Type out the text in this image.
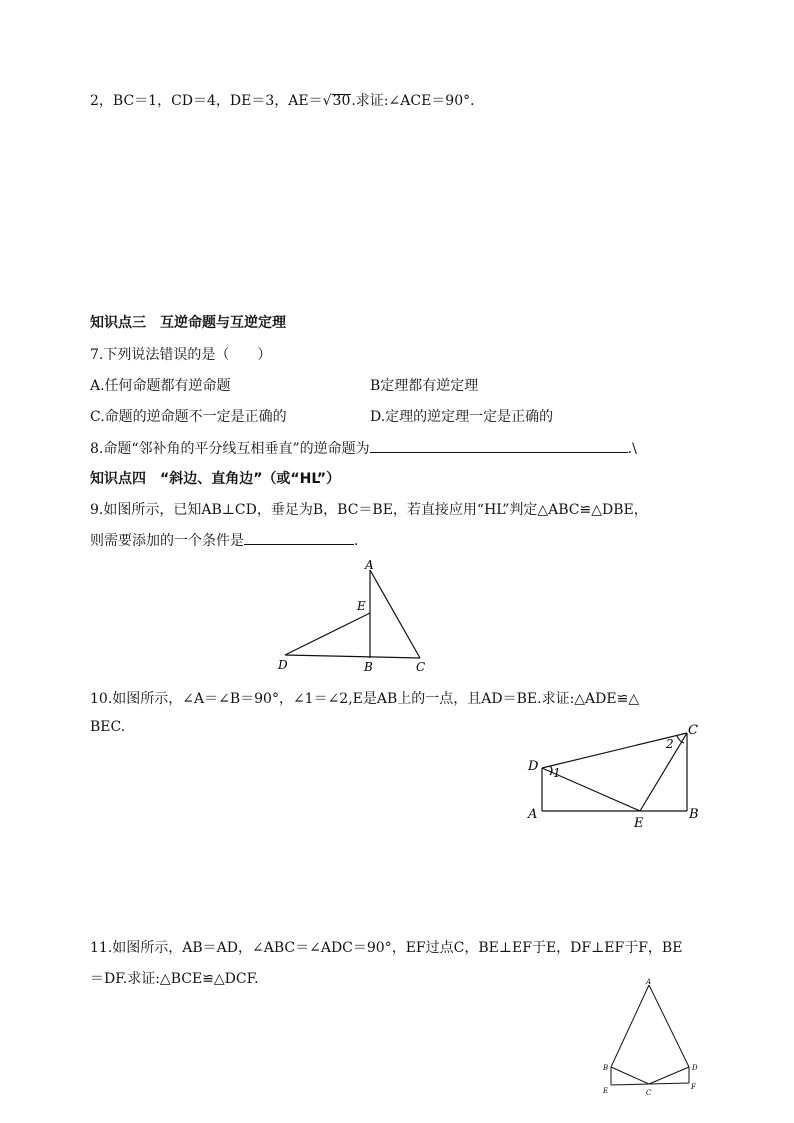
2，BC＝1，CD＝4，DE＝3，AE＝√30.求证:∠ACE＝90°．
知识点三　互逆命题与互逆定理
7.下列说法错误的是（　　）
A.任何命题都有逆命题	B定理都有逆定理
C.命题的逆命题不一定是正确的	D.定理的逆定理一定是正确的
8.命题“邻补角的平分线互相垂直”的逆命题为	.\
知识点四　“斜边、直角边”（或“HL”）
9.如图所示，已知AB⊥CD，垂足为B，BC＝BE，若直接应用“HL”判定△ABC≌△DBE，
则需要添加的一个条件是	.
A
E
D	B	C
10.如图所示，∠A＝∠B＝90°，∠1＝∠2,E是AB上的一点，且AD＝BE.求证:△ADE≌△
BEC.	C
D 1
2
A
E
B
11.如图所示，AB＝AD，∠ABC＝∠ADC＝90°，EF过点C，BE⊥EF于E，DF⊥EF于F，BE
＝DF.求证:△BCE≌△DCF.	A
B	D
E	C
F
